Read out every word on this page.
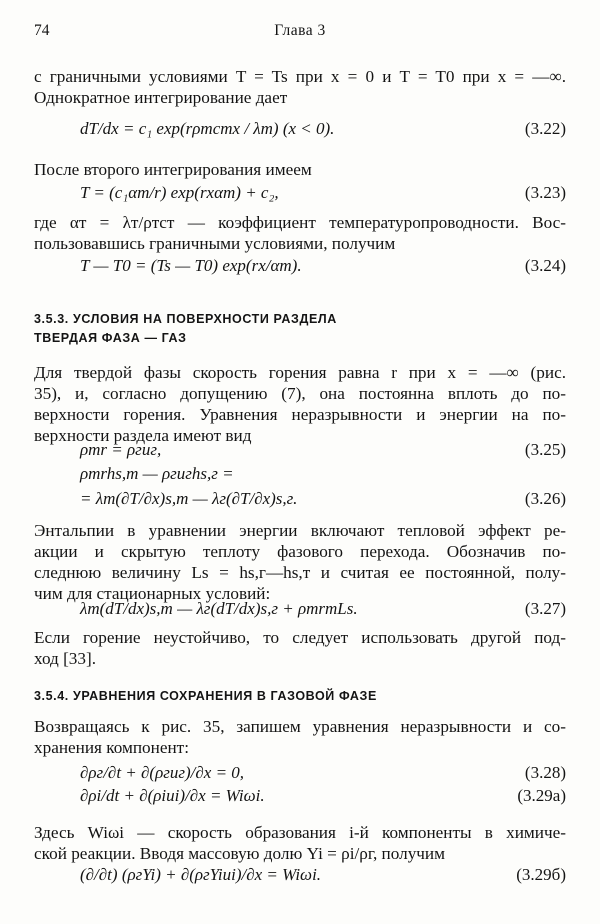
74	Глава 3
с граничными условиями T = Ts при x = 0 и T = T0 при x = —∞.
Однократное интегрирование дает
dT/dx = c₁ exp(rρтcтx / λт) (x < 0).	(3.22)
После второго интегрирования имеем
T = (c₁αт/r) exp(rxαт) + c₂,	(3.23)
где αт = λт/ρтcт — коэффициент температуропроводности. Вос-
пользовавшись граничными условиями, получим
T — T0 = (Ts — T0) exp(rx/αт).	(3.24)
3.5.3. УСЛОВИЯ НА ПОВЕРХНОСТИ РАЗДЕЛА
ТВЕРДАЯ ФАЗА — ГАЗ
Для твердой фазы скорость горения равна r при x = —∞ (рис.
35), и, согласно допущению (7), она постоянна вплоть до по-
верхности горения. Уравнения неразрывности и энергии на по-
верхности раздела имеют вид
ρтr = ρгuг,	(3.25)
ρтrhs,т — ρгuгhs,г =
= λт(∂T/∂x)s,т — λг(∂T/∂x)s,г.	(3.26)
Энтальпии в уравнении энергии включают тепловой эффект ре-
акции и скрытую теплоту фазового перехода. Обозначив по-
следнюю величину Ls = hs,г—hs,т и считая ее постоянной, полу-
чим для стационарных условий:
λт(dT/dx)s,т — λг(dT/dx)s,г + ρтrтLs.	(3.27)
Если горение неустойчиво, то следует использовать другой под-
ход [33].
3.5.4. УРАВНЕНИЯ СОХРАНЕНИЯ В ГАЗОВОЙ ФАЗЕ
Возвращаясь к рис. 35, запишем уравнения неразрывности и со-
хранения компонент:
∂ρг/∂t + ∂(ρгuг)/∂x = 0,	(3.28)
∂ρi/dt + ∂(ρiui)/∂x = Wiωi.	(3.29а)
Здесь Wiωi — скорость образования i-й компоненты в химиче-
ской реакции. Вводя массовую долю Yi = ρi/ρг, получим
(∂/∂t) (ρгYi) + ∂(ρгYiui)/∂x = Wiωi.	(3.29б)
